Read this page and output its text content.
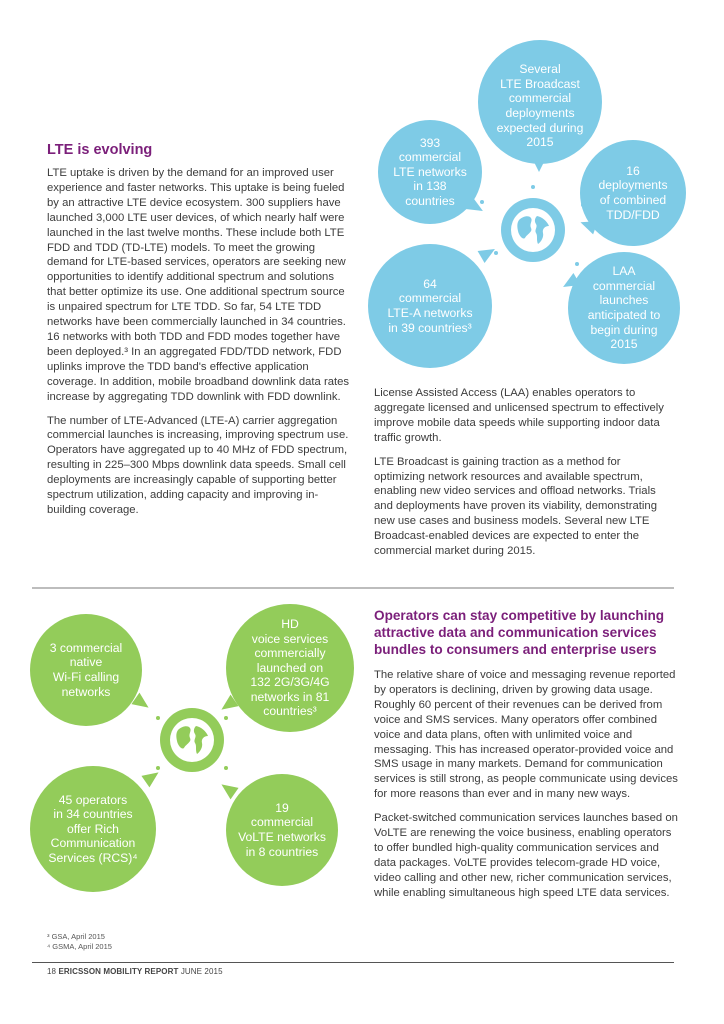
LTE is evolving

LTE uptake is driven by the demand for an improved user experience and faster networks. This uptake is being fueled by an attractive LTE device ecosystem. 300 suppliers have launched 3,000 LTE user devices, of which nearly half were launched in the last twelve months. These include both LTE FDD and TDD (TD-LTE) models. To meet the growing demand for LTE-based services, operators are seeking new opportunities to identify additional spectrum and solutions that better optimize its use. One additional spectrum source is unpaired spectrum for LTE TDD. So far, 54 LTE TDD networks have been commercially launched in 34 countries. 16 networks with both TDD and FDD modes together have been deployed.³ In an aggregated FDD/TDD network, FDD uplinks improve the TDD band's effective application coverage. In addition, mobile broadband downlink data rates increase by aggregating TDD downlink with FDD downlink.

The number of LTE-Advanced (LTE-A) carrier aggregation commercial launches is increasing, improving spectrum use. Operators have aggregated up to 40 MHz of FDD spectrum, resulting in 225–300 Mbps downlink data speeds. Small cell deployments are increasingly capable of supporting better spectrum utilization, adding capacity and improving in-building coverage.

Several
LTE Broadcast
commercial
deployments
expected during
2015
393
commercial
LTE networks
in 138
countries
16
deployments
of combined
TDD/FDD
64
commercial
LTE-A networks
in 39 countries³
LAA
commercial
launches
anticipated to
begin during
2015

License Assisted Access (LAA) enables operators to aggregate licensed and unlicensed spectrum to effectively improve mobile data speeds while supporting indoor data traffic growth.

LTE Broadcast is gaining traction as a method for optimizing network resources and available spectrum, enabling new video services and offload networks. Trials and deployments have proven its viability, demonstrating new use cases and business models. Several new LTE Broadcast-enabled devices are expected to enter the commercial market during 2015.

3 commercial
native
Wi-Fi calling
networks
HD
voice services
commercially
launched on
132 2G/3G/4G
networks in 81
countries³
45 operators
in 34 countries
offer Rich
Communication
Services (RCS)⁴
19
commercial
VoLTE networks
in 8 countries
Operators can stay competitive by launching attractive data and communication services bundles to consumers and enterprise users

The relative share of voice and messaging revenue reported by operators is declining, driven by growing data usage. Roughly 60 percent of their revenues can be derived from voice and SMS services. Many operators offer combined voice and data plans, often with unlimited voice and messaging. This has increased operator-provided voice and SMS usage in many markets. Demand for communication services is still strong, as people communicate using devices for more reasons than ever and in many new ways.

Packet-switched communication services launches based on VoLTE are renewing the voice business, enabling operators to offer bundled high-quality communication services and data packages. VoLTE provides telecom-grade HD voice, video calling and other new, richer communication services, while enabling simultaneous high speed LTE data services.

³ GSA, April 2015
⁴ GSMA, April 2015
18 ERICSSON MOBILITY REPORT JUNE 2015
